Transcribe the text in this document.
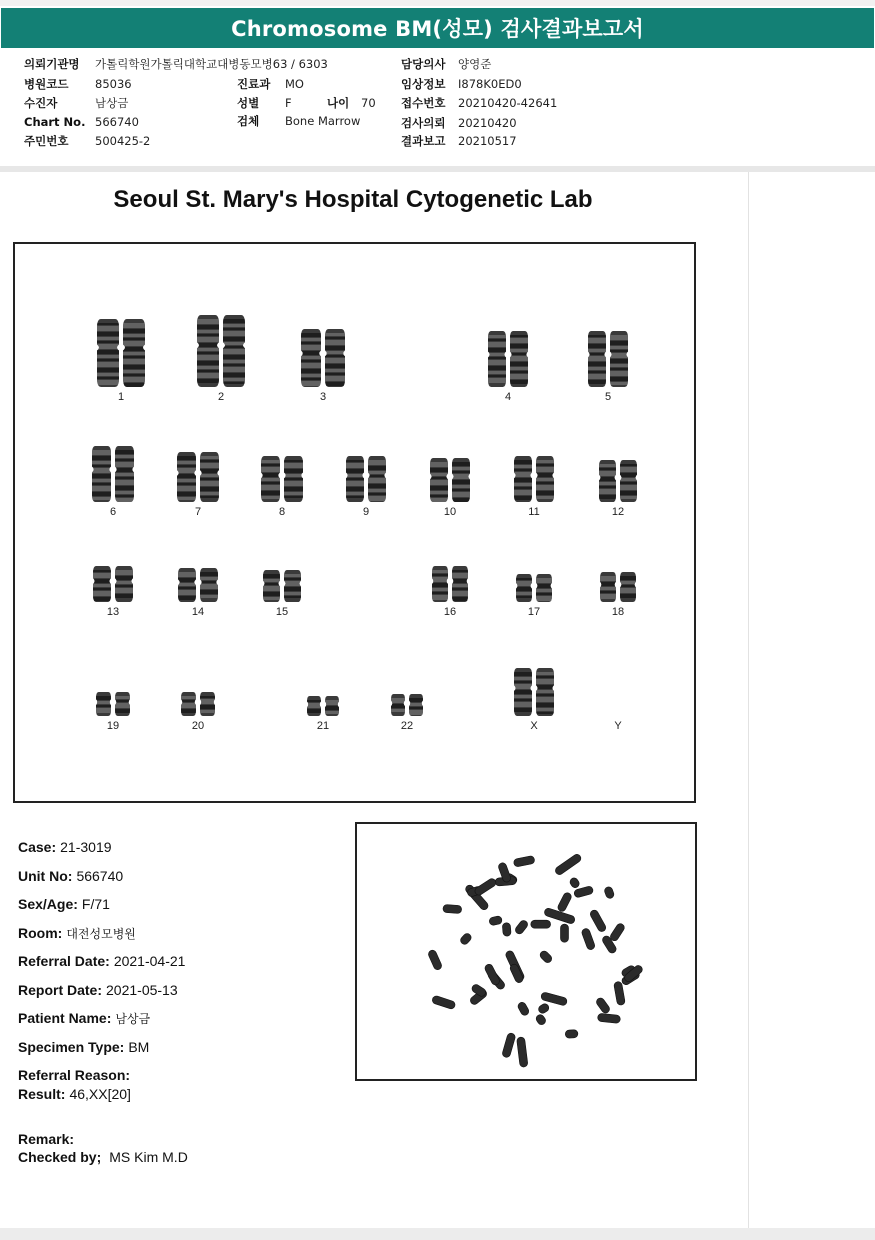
Chromosome BM(성모) 검사결과보고서
의뢰기관명 가톨릭학원가톨릭대학교대병동모병63 / 6303
병원코드 85036
수진자	남상금
Chart No. 566740
주민번호 500425-2
진료과 MO
성별 F	나이 70
검체 Bone Marrow
담당의사 양영준
임상정보 I878K0ED0
접수번호 20210420-42641
검사의뢰 20210420
결과보고 20210517
Seoul St. Mary's Hospital Cytogenetic Lab
1	2	3	4	5
6	7	8	9	10	11	12
13	14	15	16	17	18
19	20	21	22	X	Y
Case: 21-3019
Unit No: 566740
Sex/Age: F/71
Room: 대전성모병원
Referral Date: 2021-04-21
Report Date: 2021-05-13
Patient Name: 남상금
Specimen Type: BM
Referral Reason:
Result: 46,XX[20]
Remark:
Checked by; MS Kim M.D
